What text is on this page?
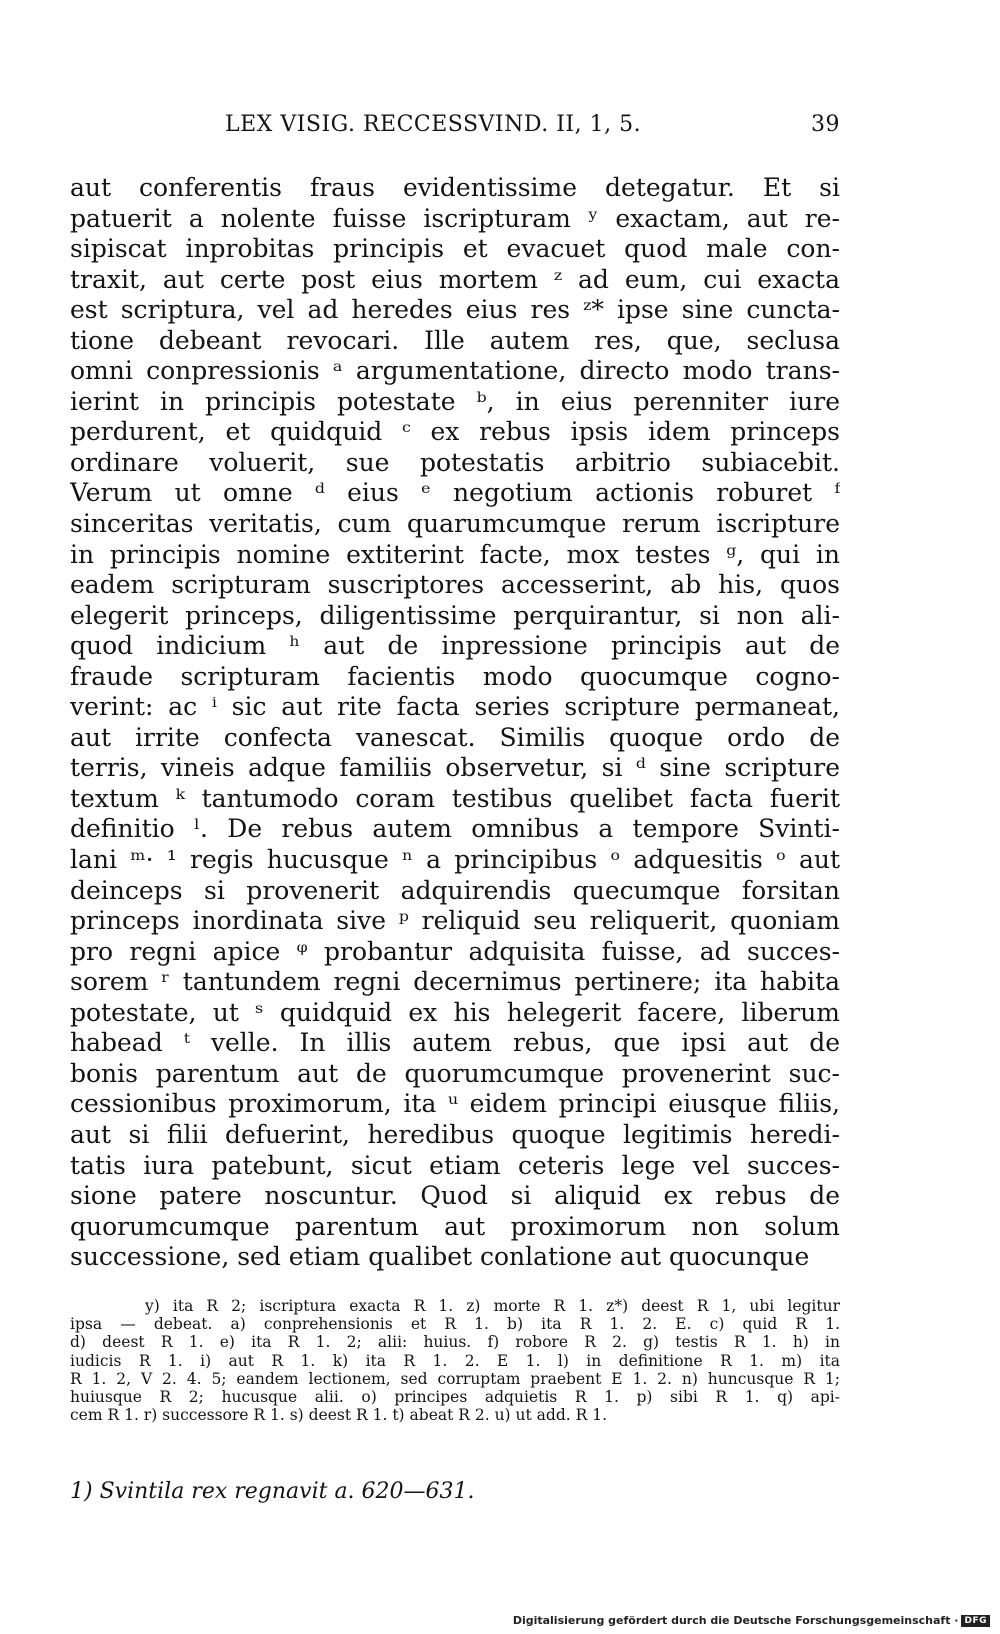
LEX VISIG. RECCESSVIND. II, 1, 5.	39
aut conferentis fraus evidentissime detegatur. Et si
patuerit a nolente fuisse iscripturam ʸ exactam, aut re-
sipiscat inprobitas principis et evacuet quod male con-
traxit, aut certe post eius mortem ᶻ ad eum, cui exacta
est scriptura, vel ad heredes eius res ᶻ* ipse sine cuncta-
tione debeant revocari. Ille autem res, que, seclusa
omni conpressionis ᵃ argumentatione, directo modo trans-
ierint in principis potestate ᵇ, in eius perenniter iure
perdurent, et quidquid ᶜ ex rebus ipsis idem princeps
ordinare voluerit, sue potestatis arbitrio subiacebit.
Verum ut omne ᵈ eius ᵉ negotium actionis roburet ᶠ
sinceritas veritatis, cum quarumcumque rerum iscripture
in principis nomine extiterint facte, mox testes ᵍ, qui in
eadem scripturam suscriptores accesserint, ab his, quos
elegerit princeps, diligentissime perquirantur, si non ali-
quod indicium ʰ aut de inpressione principis aut de
fraude scripturam facientis modo quocumque cogno-
verint: ac ⁱ sic aut rite facta series scripture permaneat,
aut irrite confecta vanescat. Similis quoque ordo de
terris, vineis adque familiis observetur, si ᵈ sine scripture
textum ᵏ tantumodo coram testibus quelibet facta fuerit
definitio ˡ. De rebus autem omnibus a tempore Svinti-
lani ᵐ· ¹ regis hucusque ⁿ a principibus ᵒ adquesitis ᵒ aut
deinceps si provenerit adquirendis quecumque forsitan
princeps inordinata sive ᵖ reliquid seu reliquerit, quoniam
pro regni apice ᵠ probantur adquisita fuisse, ad succes-
sorem ʳ tantundem regni decernimus pertinere; ita habita
potestate, ut ˢ quidquid ex his helegerit facere, liberum
habead ᵗ velle. In illis autem rebus, que ipsi aut de
bonis parentum aut de quorumcumque provenerint suc-
cessionibus proximorum, ita ᵘ eidem principi eiusque filiis,
aut si filii defuerint, heredibus quoque legitimis heredi-
tatis iura patebunt, sicut etiam ceteris lege vel succes-
sione patere noscuntur. Quod si aliquid ex rebus de
quorumcumque parentum aut proximorum non solum
successione, sed etiam qualibet conlatione aut quocunque
y) ita R 2; iscriptura exacta R 1. z) morte R 1. z*) deest R 1, ubi legitur
ipsa — debeat. a) conprehensionis et R 1. b) ita R 1. 2. E. c) quid R 1.
d) deest R 1. e) ita R 1. 2; alii: huius. f) robore R 2. g) testis R 1. h) in
iudicis R 1. i) aut R 1. k) ita R 1. 2. E 1. l) in definitione R 1. m) ita
R 1. 2, V 2. 4. 5; eandem lectionem, sed corruptam praebent E 1. 2. n) huncusque R 1;
huiusque R 2; hucusque alii. o) principes adquietis R 1. p) sibi R 1. q) api-
cem R 1. r) successore R 1. s) deest R 1. t) abeat R 2. u) ut add. R 1.
1) Svintila rex regnavit a. 620—631.
Digitalisierung gefördert durch die Deutsche Forschungsgemeinschaft · DFG
